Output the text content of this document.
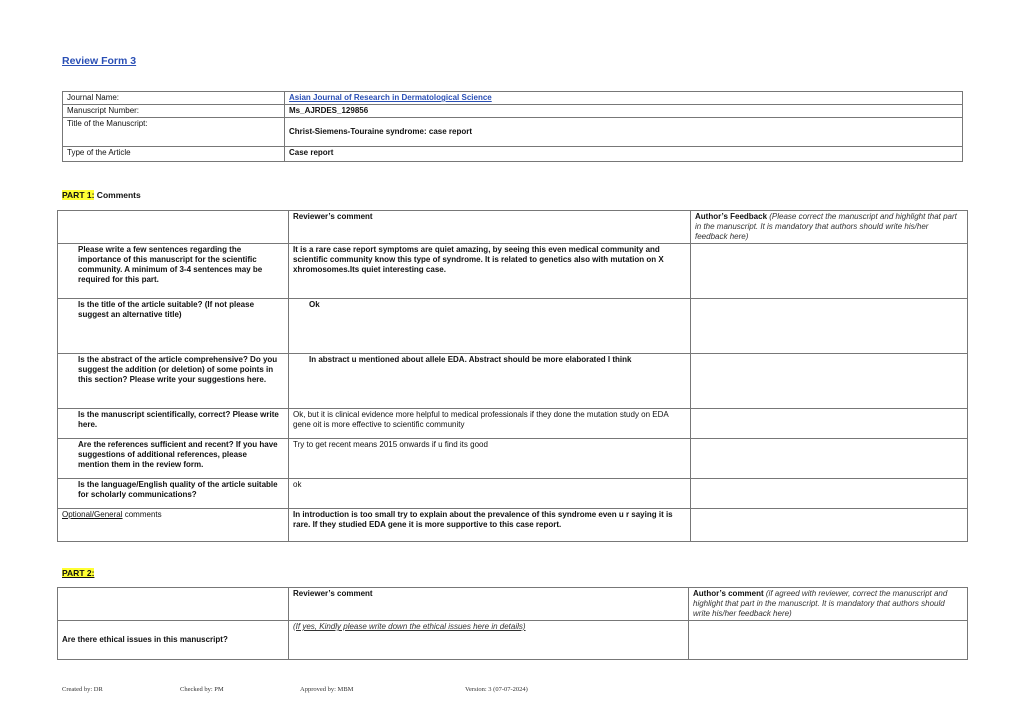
Review Form 3
Journal Name:	Asian Journal of Research in Dermatological Science
Manuscript Number:	Ms_AJRDES_129856
Title of the Manuscript:	Christ-Siemens-Touraine syndrome: case report
Type of the Article	Case report
PART 1: Comments
	Reviewer’s comment	Author’s Feedback (Please correct the manuscript and highlight that part in the manuscript. It is mandatory that authors should write his/her feedback here)
Please write a few sentences regarding the importance of this manuscript for the scientific community. A minimum of 3-4 sentences may be required for this part.	It is a rare case report symptoms are quiet amazing, by seeing this even medical community and scientific community know this type of syndrome. It is related to genetics also with mutation on X xhromosomes.Its quiet interesting case.	
Is the title of the article suitable? (If not please suggest an alternative title)	Ok	
Is the abstract of the article comprehensive? Do you suggest the addition (or deletion) of some points in this section? Please write your suggestions here.	In abstract u mentioned about allele EDA. Abstract should be more elaborated I think	
Is the manuscript scientifically, correct? Please write here.	Ok, but it is clinical evidence more helpful to medical professionals if they done the mutation study on EDA gene oit is more effective to scientific community	
Are the references sufficient and recent? If you have suggestions of additional references, please mention them in the review form.	Try to get recent means 2015 onwards if u find its good	
Is the language/English quality of the article suitable for scholarly communications?	ok	
Optional/General comments	In introduction is too small try to explain about the prevalence of this syndrome even u r saying it is rare. If they studied EDA gene it is more supportive to this case report.	
PART 2:
	Reviewer’s comment	Author’s comment (if agreed with reviewer, correct the manuscript and highlight that part in the manuscript. It is mandatory that authors should write his/her feedback here)
Are there ethical issues in this manuscript?	(If yes, Kindly please write down the ethical issues here in details)	
Created by: DR	Checked by: PM	Approved by: MBM	Version: 3 (07-07-2024)
